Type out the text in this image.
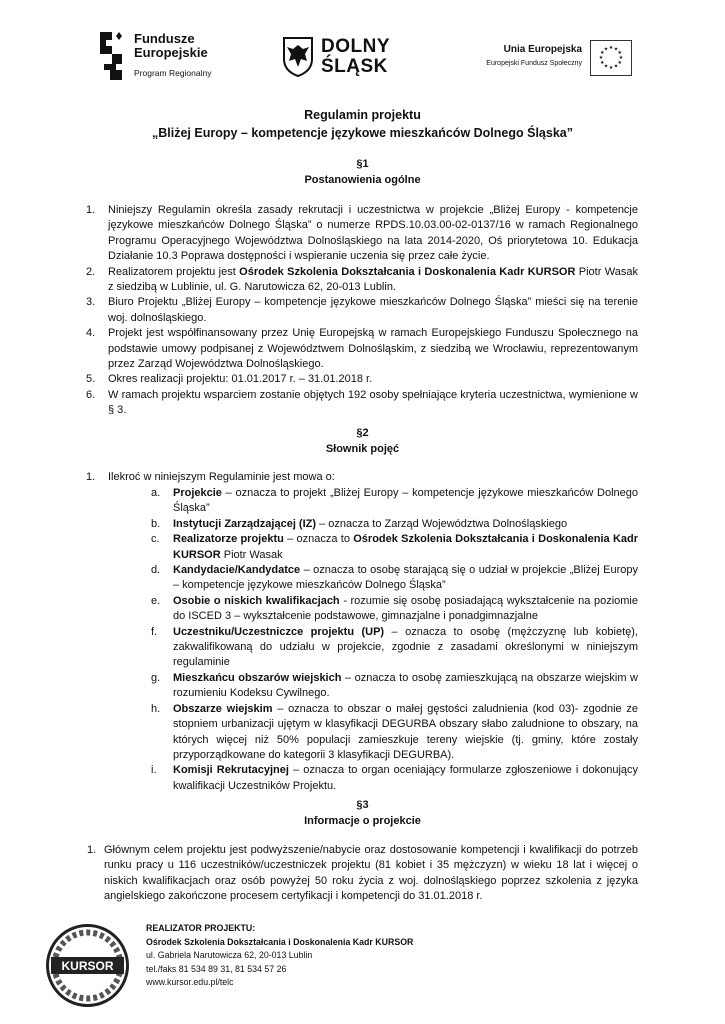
Fundusze
Europejskie
Program Regionalny
DOLNY
ŚLĄSK
Unia Europejska
Europejski Fundusz Społeczny
★ ★
★
★
★
★
★
★
★
★
★
★
Regulamin projektu
„Bliżej Europy – kompetencje językowe mieszkańców Dolnego Śląska”
§1
Postanowienia ogólne
1. Niniejszy Regulamin określa zasady rekrutacji i uczestnictwa w projekcie „Bliżej Europy - kompetencje językowe mieszkańców Dolnego Śląska” o numerze RPDS.10.03.00-02-0137/16 w ramach Regionalnego Programu Operacyjnego Województwa Dolnośląskiego na lata 2014-2020, Oś priorytetowa 10. Edukacja Działanie 10.3 Poprawa dostępności i wspieranie uczenia się przez całe życie.
2. Realizatorem projektu jest Ośrodek Szkolenia Dokształcania i Doskonalenia Kadr KURSOR Piotr Wasak z siedzibą w Lublinie, ul. G. Narutowicza 62, 20-013 Lublin.
3. Biuro Projektu „Bliżej Europy – kompetencje językowe mieszkańców Dolnego Śląska” mieści się na terenie woj. dolnośląskiego.
4. Projekt jest współfinansowany przez Unię Europejską w ramach Europejskiego Funduszu Społecznego na podstawie umowy podpisanej z Województwem Dolnośląskim, z siedzibą we Wrocławiu, reprezentowanym przez Zarząd Województwa Dolnośląskiego.
5. Okres realizacji projektu: 01.01.2017 r. – 31.01.2018 r.
6. W ramach projektu wsparciem zostanie objętych 192 osoby spełniające kryteria uczestnictwa, wymienione w § 3.
§2
Słownik pojęć
1. Ilekroć w niniejszym Regulaminie jest mowa o:
a. Projekcie – oznacza to projekt „Bliżej Europy – kompetencje językowe mieszkańców Dolnego Śląska”
b. Instytucji Zarządzającej (IZ) – oznacza to Zarząd Województwa Dolnośląskiego
c. Realizatorze projektu – oznacza to Ośrodek Szkolenia Dokształcania i Doskonalenia Kadr KURSOR Piotr Wasak
d. Kandydacie/Kandydatce – oznacza to osobę starającą się o udział w projekcie „Bliżej Europy – kompetencje językowe mieszkańców Dolnego Śląska”
e. Osobie o niskich kwalifikacjach - rozumie się osobę posiadającą wykształcenie na poziomie do ISCED 3 – wykształcenie podstawowe, gimnazjalne i ponadgimnazjalne
f. Uczestniku/Uczestniczce projektu (UP) – oznacza to osobę (mężczyznę lub kobietę), zakwalifikowaną do udziału w projekcie, zgodnie z zasadami określonymi w niniejszym regulaminie
g. Mieszkańcu obszarów wiejskich – oznacza to osobę zamieszkującą na obszarze wiejskim w rozumieniu Kodeksu Cywilnego.
h. Obszarze wiejskim – oznacza to obszar o małej gęstości zaludnienia (kod 03)- zgodnie ze stopniem urbanizacji ujętym w klasyfikacji DEGURBA obszary słabo zaludnione to obszary, na których więcej niż 50% populacji zamieszkuje tereny wiejskie (tj. gminy, które zostały przyporządkowane do kategorii 3 klasyfikacji DEGURBA).
i. Komisji Rekrutacyjnej – oznacza to organ oceniający formularze zgłoszeniowe i dokonujący kwalifikacji Uczestników Projektu.
§3
Informacje o projekcie
1. Głównym celem projektu jest podwyższenie/nabycie oraz dostosowanie kompetencji i kwalifikacji do potrzeb runku pracy u 116 uczestników/uczestniczek projektu (81 kobiet i 35 mężczyzn) w wieku 18 lat i więcej o niskich kwalifikacjach oraz osób powyżej 50 roku życia z woj. dolnośląskiego poprzez szkolenia z języka angielskiego zakończone procesem certyfikacji i kompetencji do 31.01.2018 r.
KURSOR
REALIZATOR PROJEKTU:
Ośrodek Szkolenia Dokształcania i Doskonalenia Kadr KURSOR
ul. Gabriela Narutowicza 62, 20-013 Lublin
tel./faks 81 534 89 31, 81 534 57 26
www.kursor.edu.pl/telc
